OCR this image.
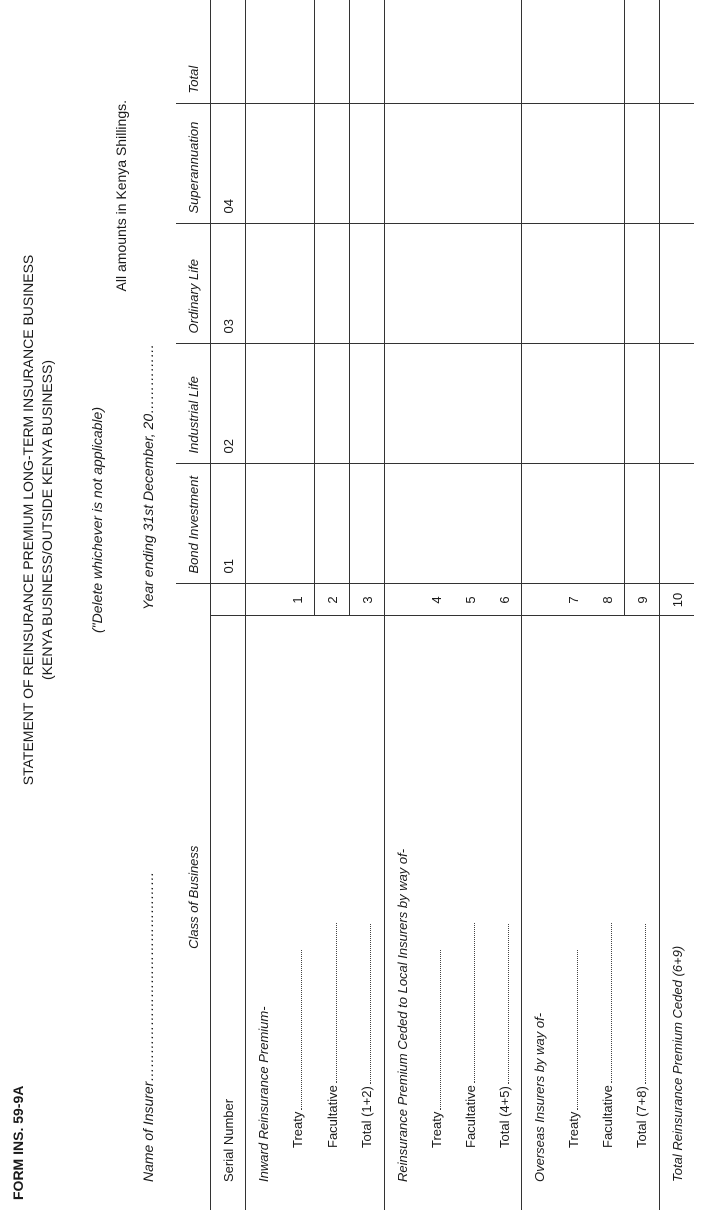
FORM INS. 59-9A
STATEMENT OF REINSURANCE PREMIUM LONG-TERM INSURANCE BUSINESS (KENYA BUSINESS/OUTSIDE KENYA BUSINESS) ("Delete whichever is not applicable)
All amounts in Kenya Shillings.
Name of Insurer………………………………………
Year ending 31st December, 20……………
Class of Business		Bond Investment	Industrial Life	Ordinary Life	Superannuation	Total
Serial Number		01	02	03	04	
Inward Reinsurance Premium-						
Treaty	1					
Facultative	2					
Total (1+2)	3					
Reinsurance Premium Ceded to Local Insurers by way of-						
Treaty	4					
Facultative	5					
Total (4+5)	6					
Overseas Insurers by way of-						
Treaty	7					
Facultative	8					
Total (7+8)	9					
Total Reinsurance Premium Ceded (6+9)	10					
